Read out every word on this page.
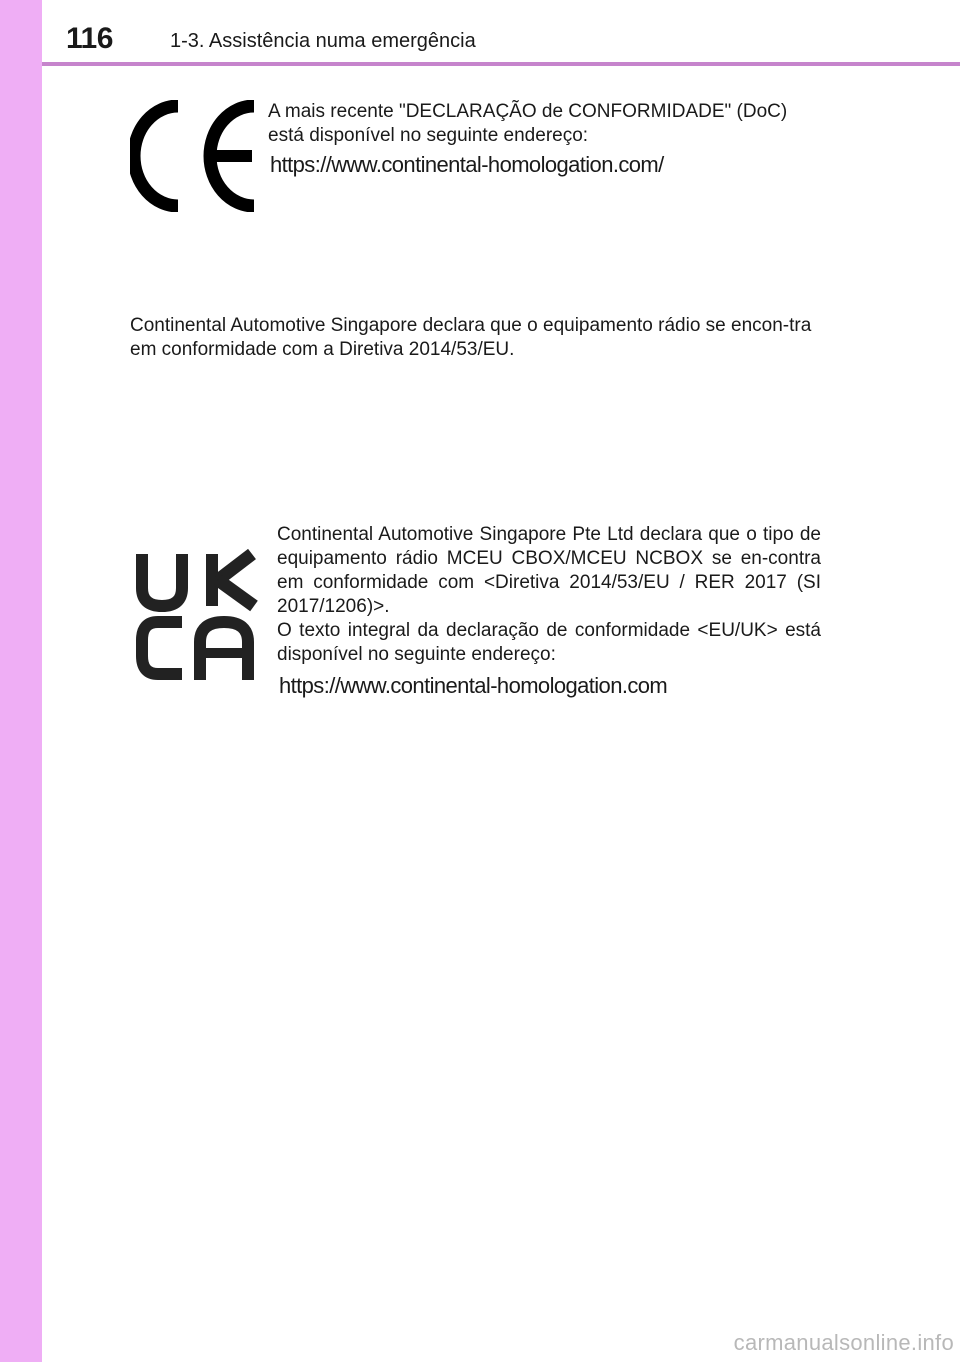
116	1-3. Assistência numa emergência
A mais recente "DECLARAÇÃO de CONFORMIDADE" (DoC) está disponível no seguinte endereço:
https://www.continental-homologation.com/
Continental Automotive Singapore declara que o equipamento rádio se encon-tra em conformidade com a Diretiva 2014/53/EU.
Continental Automotive Singapore Pte Ltd declara que o tipo de equipamento rádio MCEU CBOX/MCEU NCBOX se en-contra em conformidade com <Diretiva 2014/53/EU / RER 2017 (SI 2017/1206)>.
O texto integral da declaração de conformidade <EU/UK> está disponível no seguinte endereço:
https://www.continental-homologation.com
carmanualsonline.info
